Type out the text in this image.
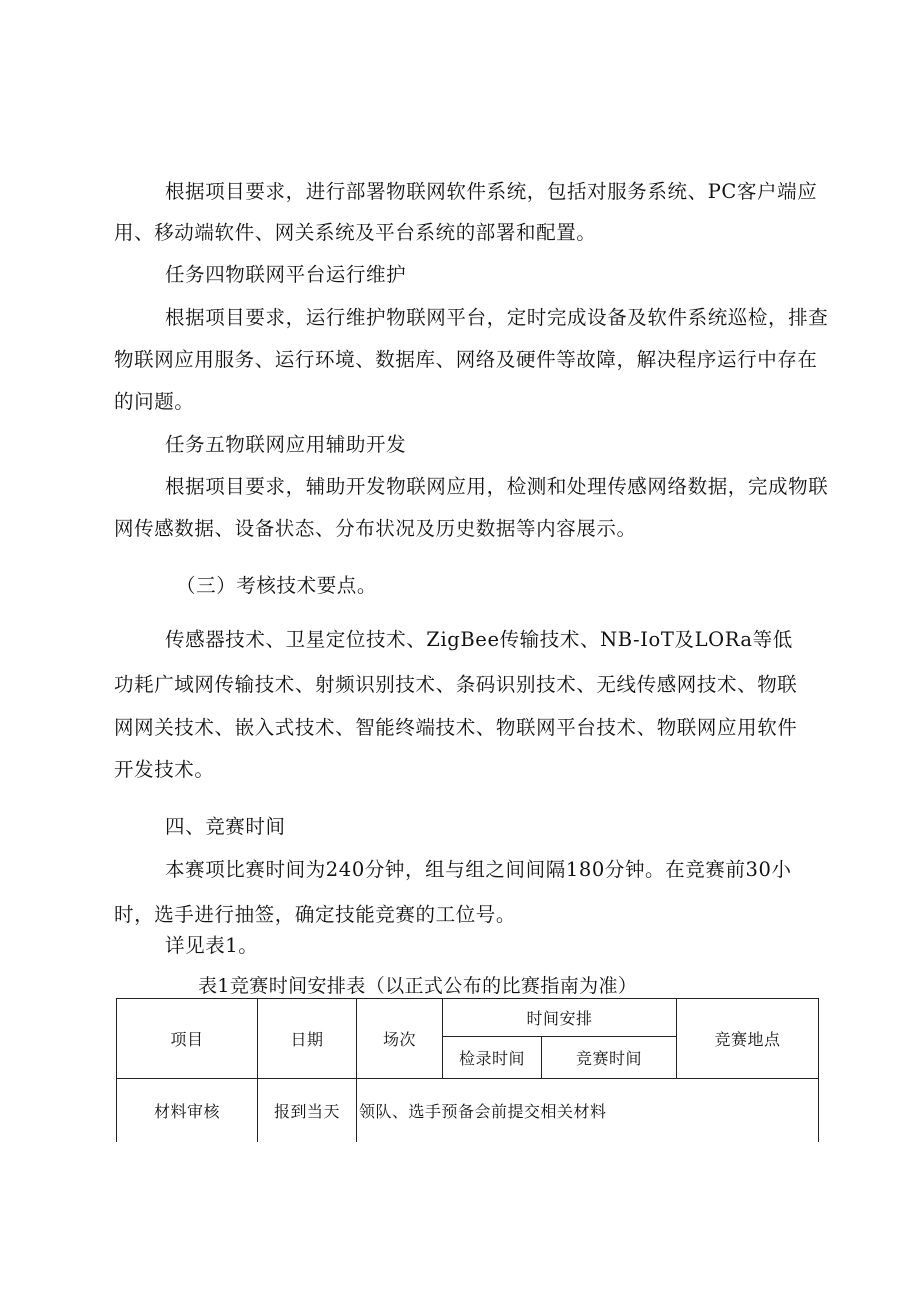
根据项目要求，进行部署物联网软件系统，包括对服务系统、PC客户端应
用、移动端软件、网关系统及平台系统的部署和配置。
任务四物联网平台运行维护
根据项目要求，运行维护物联网平台，定时完成设备及软件系统巡检，排查
物联网应用服务、运行环境、数据库、网络及硬件等故障，解决程序运行中存在
的问题。
任务五物联网应用辅助开发
根据项目要求，辅助开发物联网应用，检测和处理传感网络数据，完成物联
网传感数据、设备状态、分布状况及历史数据等内容展示。
（三）考核技术要点。
传感器技术、卫星定位技术、ZigBee传输技术、NB-IoT及LORa等低
功耗广域网传输技术、射频识别技术、条码识别技术、无线传感网技术、物联
网网关技术、嵌入式技术、智能终端技术、物联网平台技术、物联网应用软件
开发技术。
四、竞赛时间
本赛项比赛时间为240分钟，组与组之间间隔180分钟。在竞赛前30小
时，选手进行抽签，确定技能竞赛的工位号。
详见表1。
表1竞赛时间安排表（以正式公布的比赛指南为准）
项目	日期	场次	时间安排		竞赛地点
			检录时间	竞赛时间	
材料审核	报到当天	领队、选手预备会前提交相关材料			
